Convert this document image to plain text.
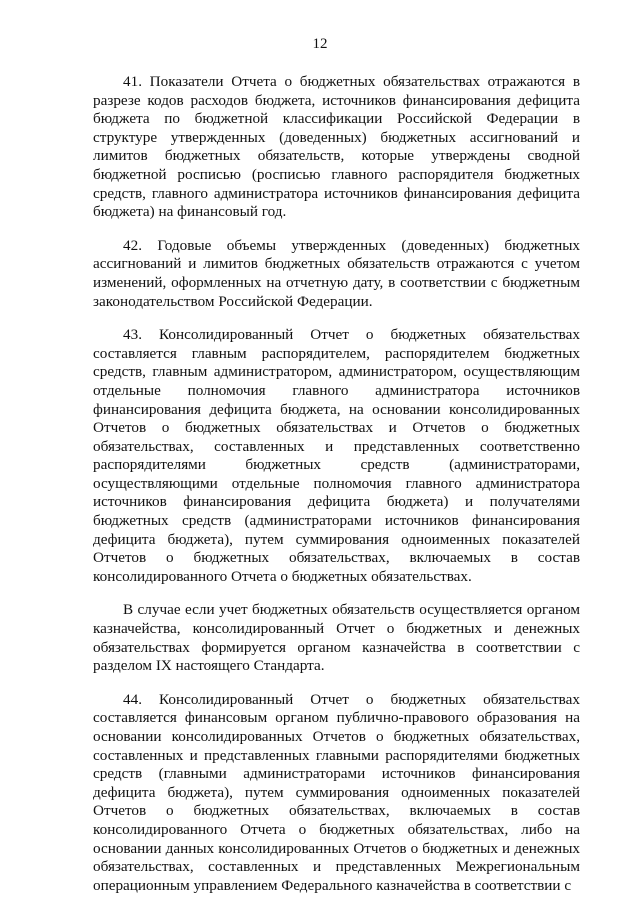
12

41. Показатели Отчета о бюджетных обязательствах отражаются в разрезе кодов расходов бюджета, источников финансирования дефицита бюджета по бюджетной классификации Российской Федерации в структуре утвержденных (доведенных) бюджетных ассигнований и лимитов бюджетных обязательств, которые утверждены сводной бюджетной росписью (росписью главного распорядителя бюджетных средств, главного администратора источников финансирования дефицита бюджета) на финансовый год.

42. Годовые объемы утвержденных (доведенных) бюджетных ассигнований и лимитов бюджетных обязательств отражаются с учетом изменений, оформленных на отчетную дату, в соответствии с бюджетным законодательством Российской Федерации.

43. Консолидированный Отчет о бюджетных обязательствах составляется главным распорядителем, распорядителем бюджетных средств, главным администратором, администратором, осуществляющим отдельные полномочия главного администратора источников финансирования дефицита бюджета, на основании консолидированных Отчетов о бюджетных обязательствах и Отчетов о бюджетных обязательствах, составленных и представленных соответственно распорядителями бюджетных средств (администраторами, осуществляющими отдельные полномочия главного администратора источников финансирования дефицита бюджета) и получателями бюджетных средств (администраторами источников финансирования дефицита бюджета), путем суммирования одноименных показателей Отчетов о бюджетных обязательствах, включаемых в состав консолидированного Отчета о бюджетных обязательствах.

В случае если учет бюджетных обязательств осуществляется органом казначейства, консолидированный Отчет о бюджетных и денежных обязательствах формируется органом казначейства в соответствии с разделом IX настоящего Стандарта.

44. Консолидированный Отчет о бюджетных обязательствах составляется финансовым органом публично-правового образования на основании консолидированных Отчетов о бюджетных обязательствах, составленных и представленных главными распорядителями бюджетных средств (главными администраторами источников финансирования дефицита бюджета), путем суммирования одноименных показателей Отчетов о бюджетных обязательствах, включаемых в состав консолидированного Отчета о бюджетных обязательствах, либо на основании данных консолидированных Отчетов о бюджетных и денежных обязательствах, составленных и представленных Межрегиональным операционным управлением Федерального казначейства в соответствии с
